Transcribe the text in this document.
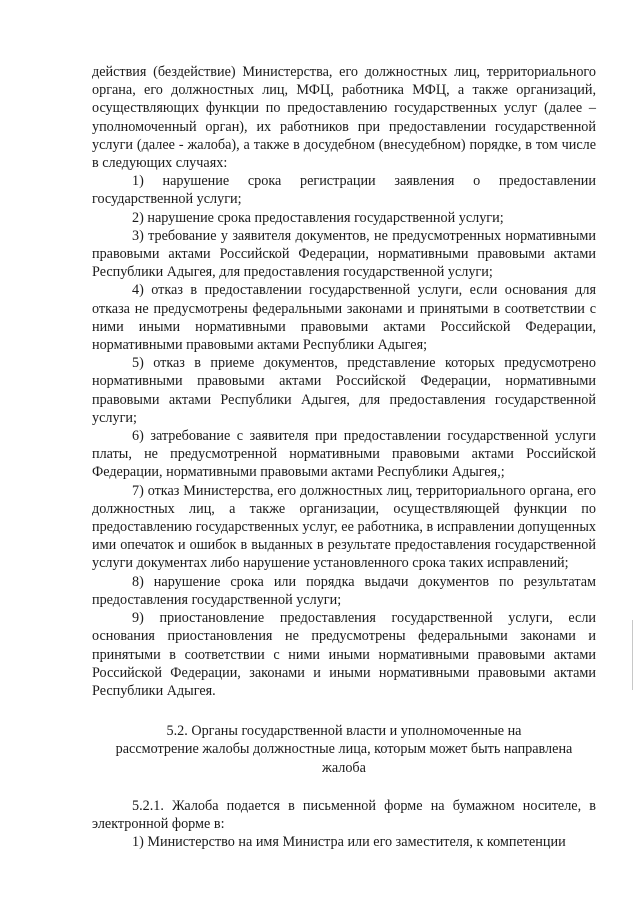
действия (бездействие) Министерства, его должностных лиц, территориального органа, его должностных лиц, МФЦ, работника МФЦ, а также организаций, осуществляющих функции по предоставлению государственных услуг (далее – уполномоченный орган), их работников при предоставлении государственной услуги (далее - жалоба), а также в досудебном (внесудебном) порядке, в том числе в следующих случаях:

1) нарушение срока регистрации заявления о предоставлении государственной услуги;

2) нарушение срока предоставления государственной услуги;

3) требование у заявителя документов, не предусмотренных нормативными правовыми актами Российской Федерации, нормативными правовыми актами Республики Адыгея, для предоставления государственной услуги;

4) отказ в предоставлении государственной услуги, если основания для отказа не предусмотрены федеральными законами и принятыми в соответствии с ними иными нормативными правовыми актами Российской Федерации, нормативными правовыми актами Республики Адыгея;

5) отказ в приеме документов, представление которых предусмотрено нормативными правовыми актами Российской Федерации, нормативными правовыми актами Республики Адыгея, для предоставления государственной услуги;

6) затребование с заявителя при предоставлении государственной услуги платы, не предусмотренной нормативными правовыми актами Российской Федерации, нормативными правовыми актами Республики Адыгея,;

7) отказ Министерства, его должностных лиц, территориального органа, его должностных лиц, а также организации, осуществляющей функции по предоставлению государственных услуг, ее работника, в исправлении допущенных ими опечаток и ошибок в выданных в результате предоставления государственной услуги документах либо нарушение установленного срока таких исправлений;

8) нарушение срока или порядка выдачи документов по результатам предоставления государственной услуги;

9) приостановление предоставления государственной услуги, если основания приостановления не предусмотрены федеральными законами и принятыми в соответствии с ними иными нормативными правовыми актами Российской Федерации, законами и иными нормативными правовыми актами Республики Адыгея.

5.2. Органы государственной власти и уполномоченные на
рассмотрение жалобы должностные лица, которым может быть направлена
жалоба

5.2.1. Жалоба подается в письменной форме на бумажном носителе, в электронной форме в:

1) Министерство на имя Министра или его заместителя, к компетенции
